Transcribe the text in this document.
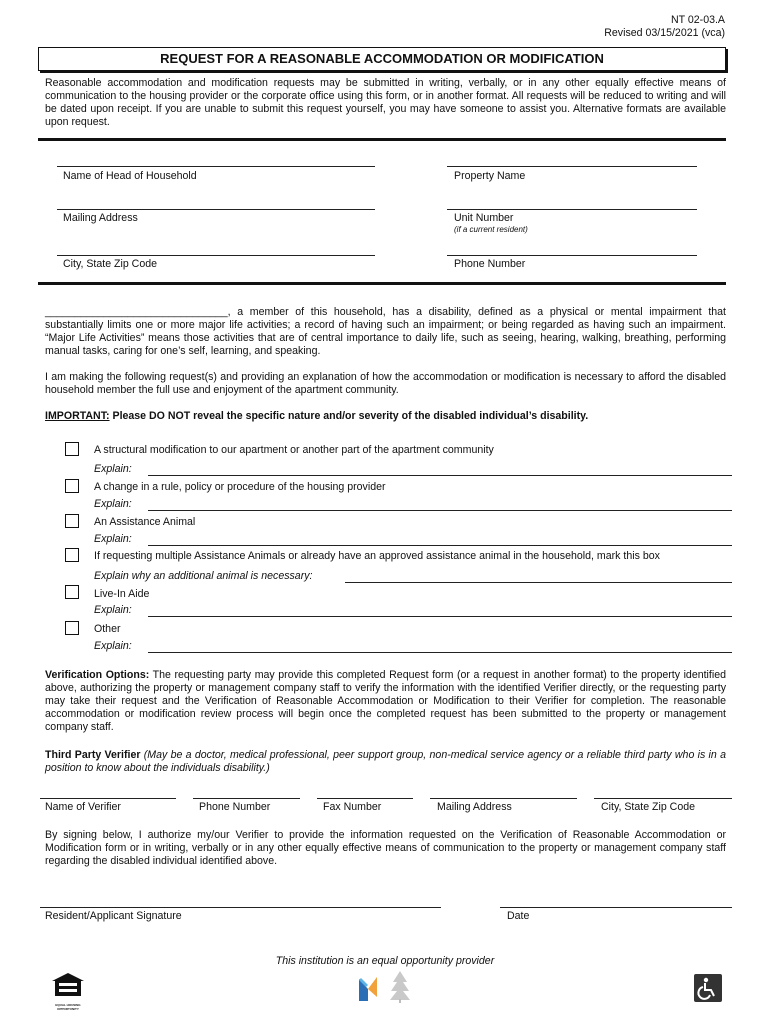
NT 02-03.A
Revised 03/15/2021 (vca)
REQUEST FOR A REASONABLE ACCOMMODATION OR MODIFICATION
Reasonable accommodation and modification requests may be submitted in writing, verbally, or in any other equally effective means of communication to the housing provider or the corporate office using this form, or in another format. All requests will be reduced to writing and will be dated upon receipt. If you are unable to submit this request yourself, you may have someone to assist you. Alternative formats are available upon request.
Name of Head of Household	Property Name
Mailing Address	Unit Number
(if a current resident)
City, State Zip Code	Phone Number
_______________________________, a member of this household, has a disability, defined as a physical or mental impairment that substantially limits one or more major life activities; a record of having such an impairment; or being regarded as having such an impairment. “Major Life Activities” means those activities that are of central importance to daily life, such as seeing, hearing, walking, breathing, performing manual tasks, caring for one’s self, learning, and speaking.
I am making the following request(s) and providing an explanation of how the accommodation or modification is necessary to afford the disabled household member the full use and enjoyment of the apartment community.
IMPORTANT: Please DO NOT reveal the specific nature and/or severity of the disabled individual’s disability.
A structural modification to our apartment or another part of the apartment community
Explain:
A change in a rule, policy or procedure of the housing provider
Explain:
An Assistance Animal
Explain:
If requesting multiple Assistance Animals or already have an approved assistance animal in the household, mark this box
Explain why an additional animal is necessary:
Live-In Aide
Explain:
Other
Explain:
Verification Options: The requesting party may provide this completed Request form (or a request in another format) to the property identified above, authorizing the property or management company staff to verify the information with the identified Verifier directly, or the requesting party may take their request and the Verification of Reasonable Accommodation or Modification to their Verifier for completion. The reasonable accommodation or modification review process will begin once the completed request has been submitted to the property or management company staff.
Third Party Verifier (May be a doctor, medical professional, peer support group, non-medical service agency or a reliable third party who is in a position to know about the individuals disability.)
Name of Verifier	Phone Number	Fax Number	Mailing Address	City, State Zip Code
By signing below, I authorize my/our Verifier to provide the information requested on the Verification of Reasonable Accommodation or Modification form or in writing, verbally or in any other equally effective means of communication to the property or management company staff regarding the disabled individual identified above.
Resident/Applicant Signature	Date
This institution is an equal opportunity provider
EQUAL HOUSING OPPORTUNITY
